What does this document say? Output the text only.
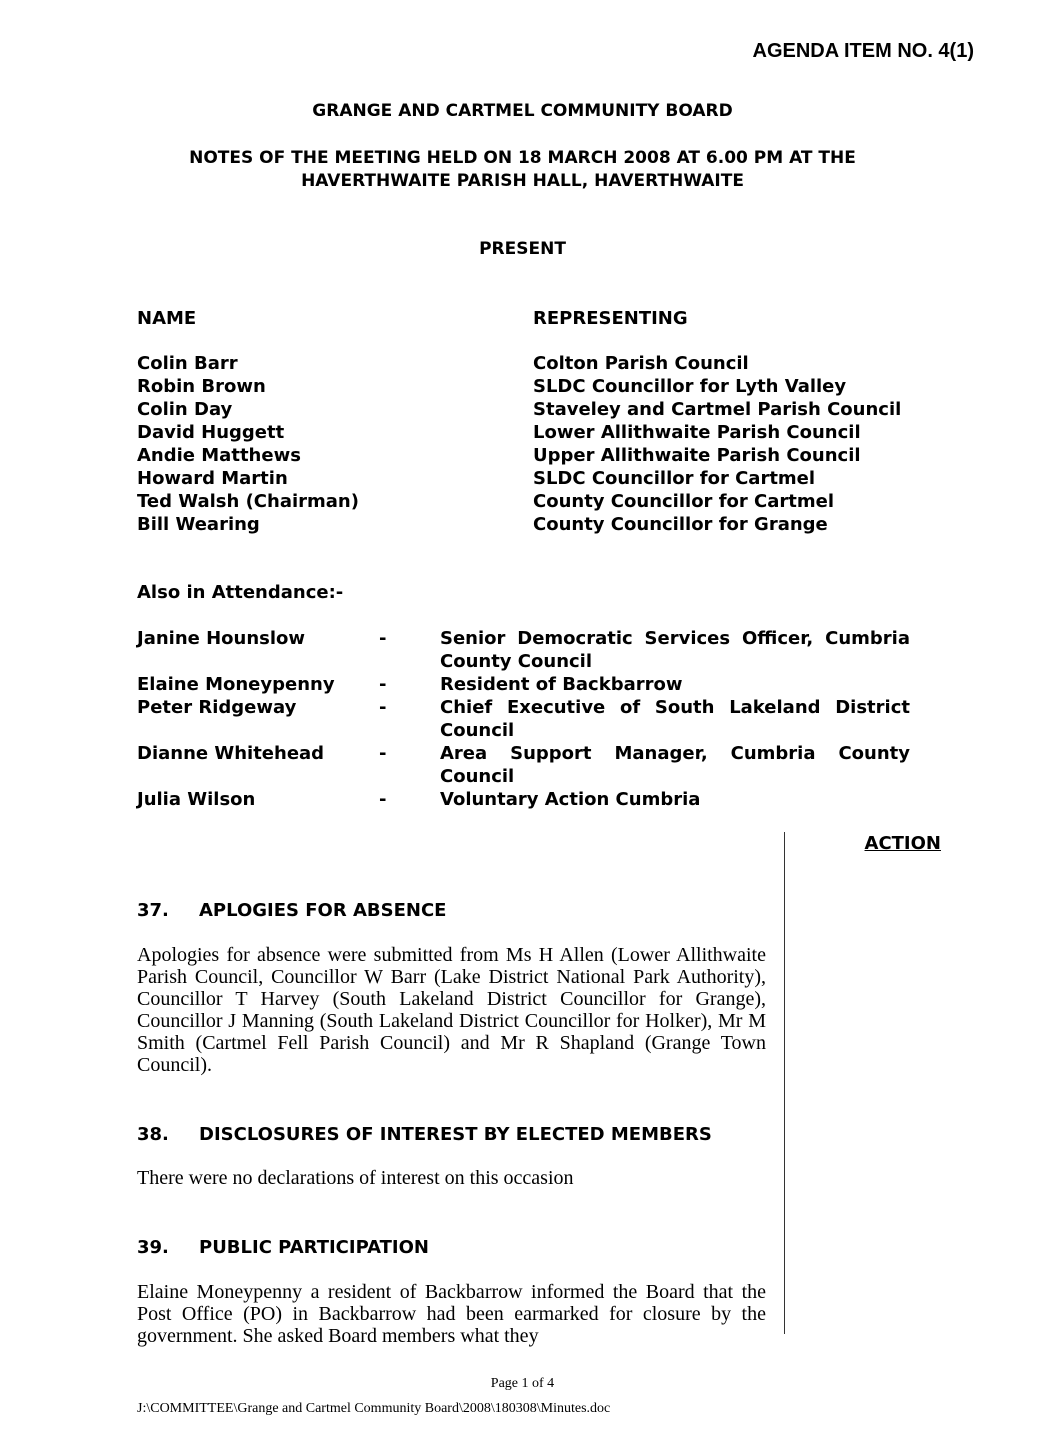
AGENDA ITEM NO. 4(1)
GRANGE AND CARTMEL COMMUNITY BOARD
NOTES OF THE MEETING HELD ON 18 MARCH 2008 AT 6.00 PM AT THE
HAVERTHWAITE PARISH HALL, HAVERTHWAITE
PRESENT
NAME	REPRESENTING
Colin Barr	Colton Parish Council
Robin Brown	SLDC Councillor for Lyth Valley
Colin Day	Staveley and Cartmel Parish Council
David Huggett	Lower Allithwaite Parish Council
Andie Matthews	Upper Allithwaite Parish Council
Howard Martin	SLDC Councillor for Cartmel
Ted Walsh (Chairman)	County Councillor for Cartmel
Bill Wearing	County Councillor for Grange
Also in Attendance:-
Janine Hounslow	-	Senior Democratic Services Officer, Cumbria County Council
Elaine Moneypenny -	Resident of Backbarrow
Peter Ridgeway	-	Chief Executive of South Lakeland District Council
Dianne Whitehead	-	Area Support Manager, Cumbria County Council
Julia Wilson	-	Voluntary Action Cumbria
ACTION
37. APLOGIES FOR ABSENCE
Apologies for absence were submitted from Ms H Allen (Lower Allithwaite Parish Council, Councillor W Barr (Lake District National Park Authority), Councillor T Harvey (South Lakeland District Councillor for Grange), Councillor J Manning (South Lakeland District Councillor for Holker), Mr M Smith (Cartmel Fell Parish Council) and Mr R Shapland (Grange Town Council).
38. DISCLOSURES OF INTEREST BY ELECTED MEMBERS
There were no declarations of interest on this occasion
39. PUBLIC PARTICIPATION
Elaine Moneypenny a resident of Backbarrow informed the Board that the Post Office (PO) in Backbarrow had been earmarked for closure by the government. She asked Board members what they
Page 1 of 4
J:\COMMITTEE\Grange and Cartmel Community Board\2008\180308\Minutes.doc
